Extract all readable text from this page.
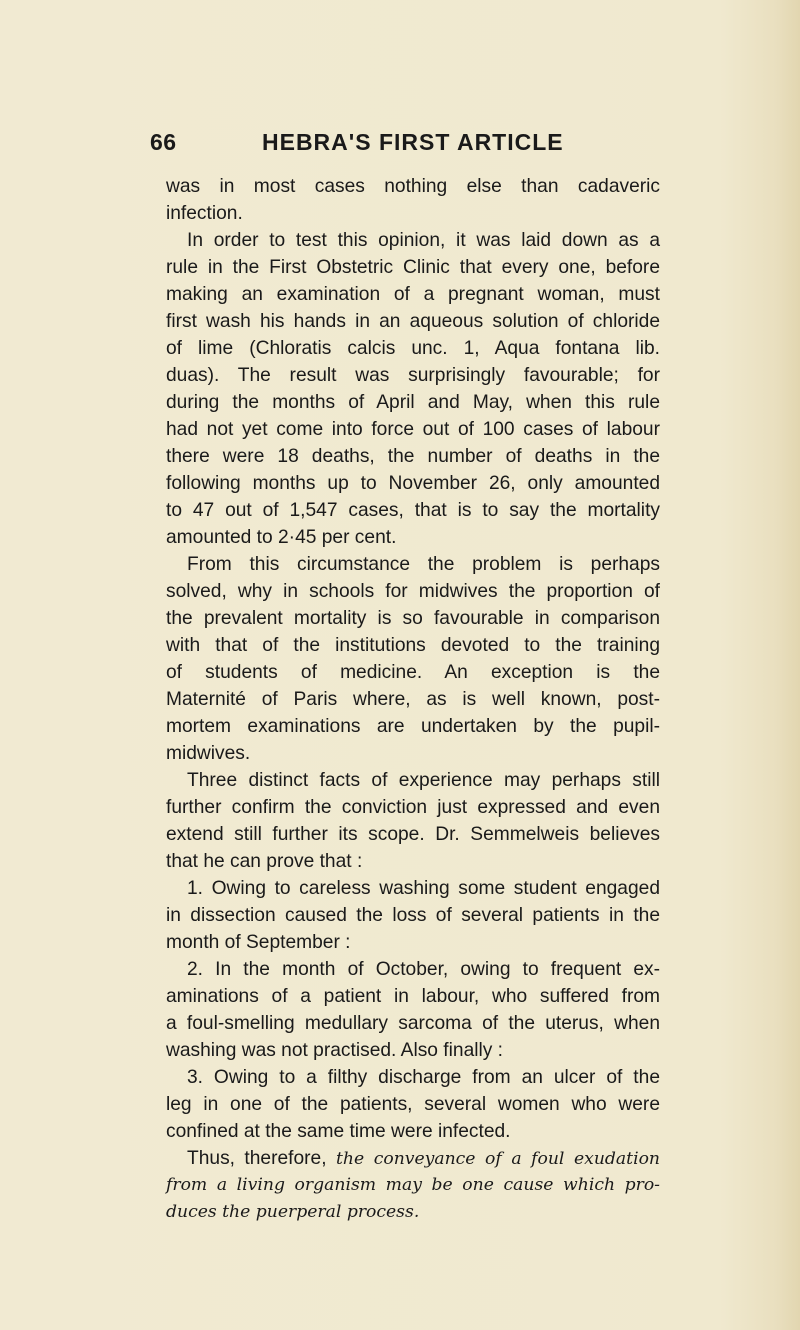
66	HEBRA'S FIRST ARTICLE
was in most cases nothing else than cadaveric
infection.
In order to test this opinion, it was laid down as a
rule in the First Obstetric Clinic that every one, before
making an examination of a pregnant woman, must
first wash his hands in an aqueous solution of chloride
of lime (Chloratis calcis unc. 1, Aqua fontana lib.
duas). The result was surprisingly favourable; for
during the months of April and May, when this rule
had not yet come into force out of 100 cases of labour
there were 18 deaths, the number of deaths in the
following months up to November 26, only amounted
to 47 out of 1,547 cases, that is to say the mortality
amounted to 2·45 per cent.
From this circumstance the problem is perhaps
solved, why in schools for midwives the proportion of
the prevalent mortality is so favourable in comparison
with that of the institutions devoted to the training
of students of medicine. An exception is the
Maternité of Paris where, as is well known, post-
mortem examinations are undertaken by the pupil-
midwives.
Three distinct facts of experience may perhaps still
further confirm the conviction just expressed and even
extend still further its scope. Dr. Semmelweis believes
that he can prove that :
1. Owing to careless washing some student engaged
in dissection caused the loss of several patients in the
month of September :
2. In the month of October, owing to frequent ex-
aminations of a patient in labour, who suffered from
a foul-smelling medullary sarcoma of the uterus, when
washing was not practised. Also finally :
3. Owing to a filthy discharge from an ulcer of the
leg in one of the patients, several women who were
confined at the same time were infected.
Thus, therefore, the conveyance of a foul exudation
from a living organism may be one cause which pro-
duces the puerperal process.
